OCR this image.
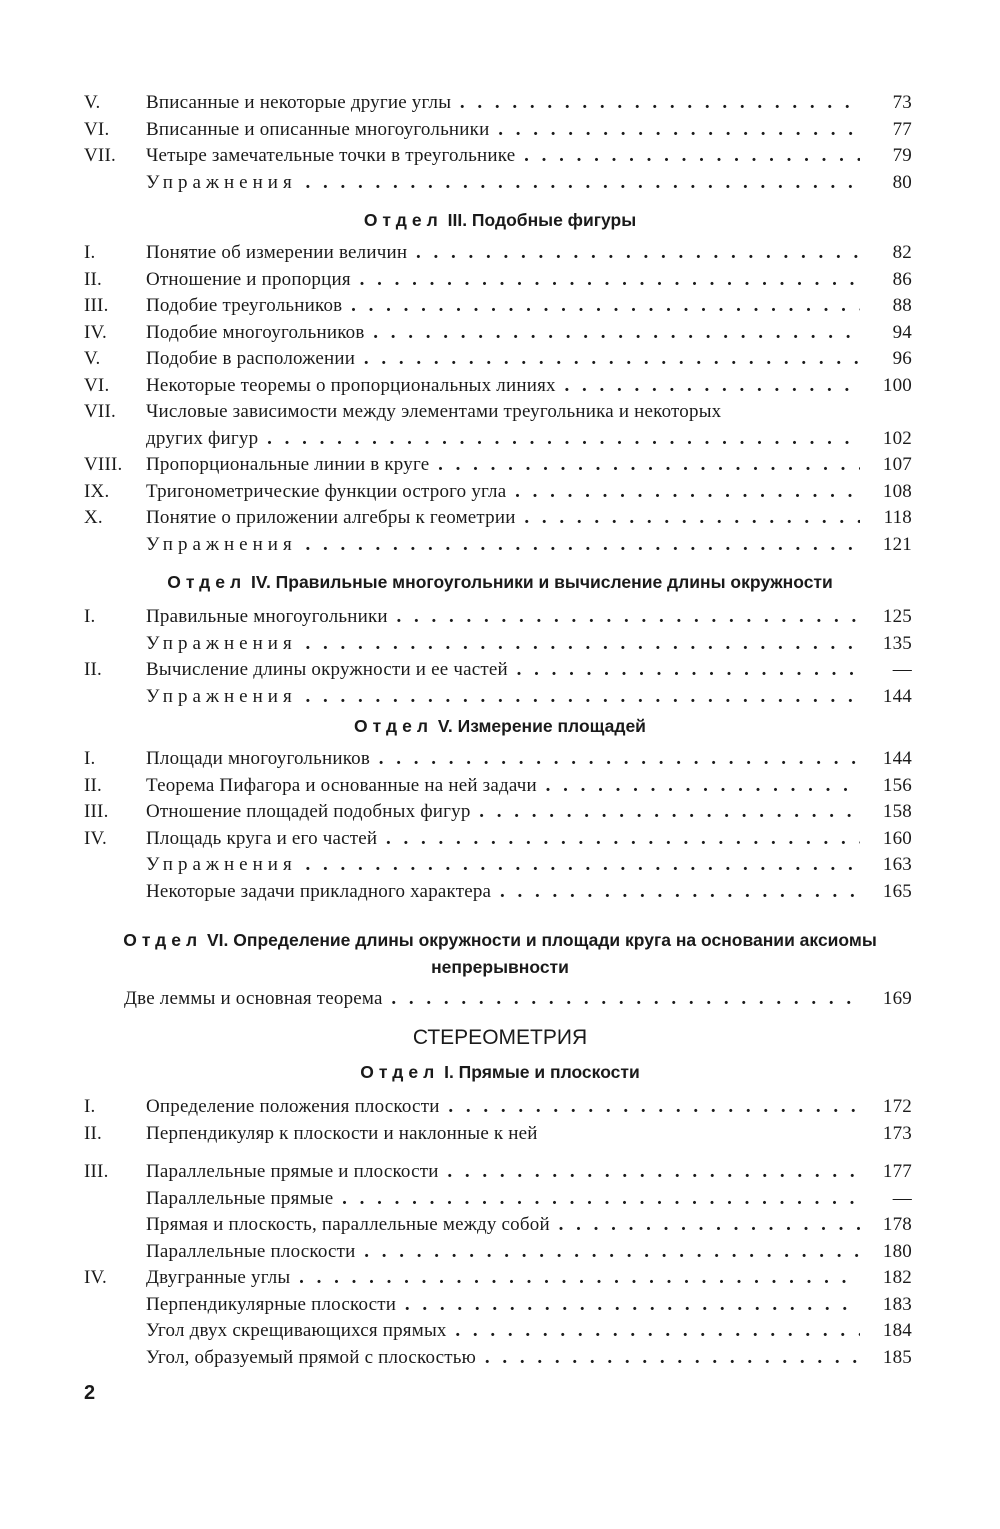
V. Вписанные и некоторые другие углы . . .	73
VI. Вписанные и описанные многоугольники . . .	77
VII. Четыре замечательные точки в треугольнике . . .	79
Упражнения . . .	80
Отдел III. Подобные фигуры
I.	Понятие об измерении величин . . .	82
II. Отношение и пропорция . . .	86
III. Подобие треугольников . . .	88
IV. Подобие многоугольников . . .	94
V. Подобие в расположении . . .	96
VI. Некоторые теоремы о пропорциональных линиях . . .	100
VII. Числовые зависимости между элементами треугольника и некоторых
других фигур . . .	102
VIII. Пропорциональные линии в круге . . .	107
IX. Тригонометрические функции острого угла . . .	108
X. Понятие о приложении алгебры к геометрии . . .	118
Упражнения . . .	121
Отдел IV. Правильные многоугольники и вычисление длины окружности
I.	Правильные многоугольники . . .	125
Упражнения . . .	135
II. Вычисление длины окружности и ее частей . . .	—
Упражнения . . .	144
Отдел V. Измерение площадей
I.	Площади многоугольников . . .	144
II. Теорема Пифагора и основанные на ней задачи . . .	156
III. Отношение площадей подобных фигур . . .	158
IV. Площадь круга и его частей . . .	160
Упражнения . . .	163
Некоторые задачи прикладного характера . . .	165
Отдел VI. Определение длины окружности и площади круга на основании аксиомы
непрерывности
Две леммы и основная теорема . . .	169
СТЕРЕОМЕТРИЯ
Отдел I. Прямые и плоскости
I.	Определение положения плоскости . . .	172
II. Перпендикуляр к плоскости и наклонные к ней	173
III. Параллельные прямые и плоскости . . .	177
Параллельные прямые . . .	—
Прямая и плоскость, параллельные между собой . . .	178
Параллельные плоскости . . .	180
IV. Двугранные углы . . .	182
Перпендикулярные плоскости . . .	183
Угол двух скрещивающихся прямых . . .	184
Угол, образуемый прямой с плоскостью . . .	185
2
